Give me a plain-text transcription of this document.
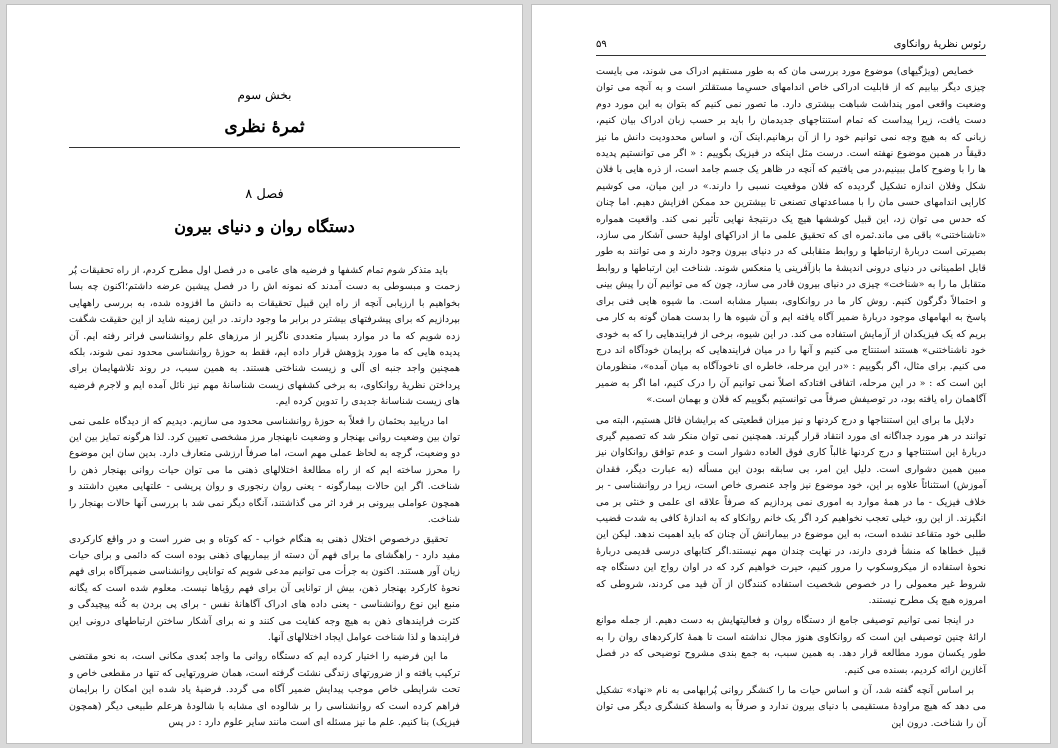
بخش سوم
ثمرهٔ نظری
فصل ۸
دستگاه روان و دنیای بیرون

باید متذکر شوم تمام کشفها و فرضیه های عامی ‌ه در فصل اول مطرح کردم، از راه تحقیقات پُر زحمت و مبسوطی به دست آمدند که نمونه اش را در فصل پیشین عرضه داشتم؛اکنون چه بسا بخواهیم با ارزیابی آنچه از راه این قبیل تحقیقات به دانش ما افزوده شده، به بررسی راههایی بپردازیم که برای پیشرفتهای بیشتر در برابر ما وجود دارند. در این زمینه شاید از این حقیقت شگفت زده شویم که ما در موارد بسیار متعددی ناگزیر از مرزهای علم روانشناسی فراتر رفته ایم. آن پدیده هایی که ما مورد پژوهش قرار داده ایم، فقط به حوزهٔ روانشناسی محدود نمی شوند، بلکه همچنین واجد جنبه ای آلی و زیست شناختی هستند. به همین سبب، در روند تلاشهایمان برای پرداختن نظریهٔ روانکاوی، به برخی کشفهای زیست شناسانهٔ مهم نیز نائل آمده ایم و لاجرم فرضیه های زیست شناسانهٔ جدیدی را تدوین کرده ایم.

اما دریابید بحثمان را فعلاً به حوزهٔ روانشناسی محدود می سازیم. دیدیم که از دیدگاه علمی نمی توان بین وضعیت روانی بهنجار و وضعیت نابهنجار مرز مشخصی تعیین کرد. لذا هرگونه تمایز بین این دو وضعیت، گرچه به لحاظ عملی مهم است، اما صرفاً ارزشی متعارف دارد. بدین سان این موضوع را محرز ساخته ایم که از راه مطالعهٔ اختلالهای ذهنی ما می توان حیات روانی بهنجار ذهن را شناخت. اگر این حالات بیمارگونه - یعنی روان رنجوری و روان پریشی - علتهایی معین داشتند و همچون عواملی بیرونی بر فرد اثر می گذاشتند، آنگاه دیگر نمی شد با بررسی آنها حالات بهنجار را شناخت.

تحقیق درخصوص اختلال ذهنی به هنگام خواب - که کوتاه و بی ضرر است و در واقع کارکردی مفید دارد - راهگشای ما برای فهم آن دسته از بیماریهای ذهنی بوده است که دائمی و برای حیات زیان آور هستند. اکنون به جرأت می توانیم مدعی شویم که توانایی روانشناسی ضمیرآگاه برای فهم نحوهٔ کارکرد بهنجار ذهن، بیش از توانایی آن برای فهم رؤیاها نیست. معلوم شده است که یگانه منبع این نوع روانشناسی - یعنی داده های ادراک آگاهانهٔ نفس - برای پی بردن به کُنه پیچیدگی و کثرت فرایندهای ذهن به هیچ وجه کفایت می کنند و نه برای آشکار ساختن ارتباطهای درونی این فرایندها و لذا شناخت عوامل ایجاد اختلالهای آنها.

ما این فرضیه را اختیار کرده ایم که دستگاه روانی ما واجد بُعدی مکانی است، به نحو مقتضی ترکیب یافته و از ضرورتهای زندگی نشئت گرفته است، همان ضرورتهایی که تنها در مقطعی خاص و تحت شرایطی خاص موجب پیدایش ضمیر آگاه می گردد. فرضیهٔ یاد شده این امکان را برایمان فراهم کرده است که روانشناسی را بر شالوده ای مشابه با شالودهٔ هرعلم طبیعی دیگر (همچون فیزیک) بنا کنیم. علم ما نیز مسئله ای است مانند سایر علوم دارد : در پس

رئوس نظریهٔ روانکاوی
۵۹

خصایص (ویژگیهای) موضوع مورد بررسی مان که به طور مستقیم ادراک می شوند، می بایست چیزی دیگر بیابیم که از قابلیت ادراکی خاص اندامهای حسیِ‌ما مستقلتر است و به آنچه می توان وضعیت واقعی امور پنداشت شباهت بیشتری دارد. ما تصور نمی کنیم که بتوان به این مورد دوم دست یافت، زیرا پیداست که تمام استنتاجهای جدیدمان را باید بر حسب زبان ادراک بیان کنیم، زبانی که به هیچ وجه نمی توانیم خود را از آن برهانیم.اینک آن، و اساس محدودیت دانش ما نیز دقیقاً در همین موضوع نهفته است. درست مثل اینکه در فیزیک بگوییم : « اگر می توانستیم پدیده ها را با وضوح کامل ببینیم،در می یافتیم که آنچه در ظاهر یک جسم جامد است، از ذره هایی با فلان شکل وفلان اندازه تشکیل گردیده که فلان موقعیت نسبی را دارند.» در این میان، می کوشیم کارایی اندامهای حسی مان را با مساعدتهای تصنعی تا بیشترین حد ممکن افزایش دهیم. اما چنان که حدس می توان زد، این قبیل کوششها هیچ یک درنتیجهٔ نهایی تأثیر نمی کند. واقعیت همواره «ناشناختنی» باقی می ماند.ثمره ای که تحقیق علمی ما از ادراکهای اولیهٔ حسی آشکار می سازد، بصیرتی است دربارهٔ ارتباطها و روابط متقابلی که در دنیای بیرون وجود دارند و می توانند به طور قابل اطمینانی در دنیای درونی اندیشهٔ ما بازآفرینی یا منعکس شوند. شناخت این ارتباطها و روابط متقابل ما را به «شناخت» چیزی در دنیای بیرون قادر می سازد، چون که می توانیم آن را پیش بینی و احتمالاً دگرگون کنیم. روش کار ما در روانکاوی، بسیار مشابه است. ما شیوه هایی فنی برای پاسخ به ابهامهای موجود دربارهٔ ضمیر آگاه یافته ایم و آن شیوه ها را بدست همان گونه به کار می بریم که یک فیزیکدان از آزمایش استفاده می کند. در این شیوه، برخی از فرایندهایی را که به خودی خود ناشناختنی» هستند استنتاج می کنیم و آنها را در میان فرایندهایی که برایمان خودآگاه اند درج می کنیم. برای مثال، اگر بگوییم : «در این مرحله، خاطره ای ناخودآگاه به میان آمده»، منظورمان این است که : « در این مرحله، اتفاقی افتادکه اصلاً نمی توانیم آن را درک کنیم، اما اگر به ضمیر آگاهمان راه یافته بود، در توصیفش صرفاً می توانستیم بگوییم که فلان و بهمان است.»

دلایل ما برای این استنتاجها و درج کردنها و نیز میزان قطعیتی که برایشان قائل هستیم، البته می توانند در هر مورد جداگانه ای مورد انتقاد قرار گیرند. همچنین نمی توان منکر شد که تصمیم گیری دربارهٔ این استنتاجها و درج کردنها غالباً کاری فوق العاده دشوار است و عدم توافق روانکاوان نیز مبین همین دشواری است. دلیل این امر، بی سابقه بودن این مسأله (به عبارت دیگر، فقدان آموزش) استثنائاً علاوه بر این، خود موضوع نیز واجد عنصری خاص است، زیرا در روانشناسی - بر خلاف فیزیک - ما در همهٔ موارد به اموری نمی پردازیم که صرفاً علاقه ای علمی و خنثی بر می انگیزند. از این رو، خیلی تعجب نخواهیم کرد اگر یک خانم روانکاو که به اندازهٔ کافی به شدت قضیب طلبی خود متقاعد نشده است، به این موضوع در بیمارانش آن چنان که باید اهمیت ندهد. لیکن این قبیل خطاها که منشأ فردی دارند، در نهایت چندان مهم نیستند.اگر کتابهای درسی قدیمی دربارهٔ نحوهٔ استفاده از میکروسکوپ را مرور کنیم، حیرت خواهیم کرد که در اوان رواج این دستگاه چه شروط غیر معمولی را در خصوص شخصیت استفاده کنندگان از آن قید می کردند، شروطی که امروزه هیچ یک مطرح نیستند.

در اینجا نمی توانیم توصیفی جامع از دستگاه روان و فعالیتهایش به دست دهیم. از جمله موانع ارائهٔ چنین توصیفی این است که روانکاوی هنوز مجال نداشته است تا همهٔ کارکردهای روان را به طور یکسان مورد مطالعه قرار دهد. به همین سبب، به جمع بندی مشروح توضیحی که در فصل آغازین ارائه کردیم، بسنده می کنیم.

بر اساس آنچه گفته شد، آن و اساس حیات ما را کنشگر روانی پُرابهامی به نام «نهاد» تشکیل می دهد که هیچ مراودهٔ مستقیمی با دنیای بیرون ندارد و صرفاً به واسطهٔ کنشگری دیگر می توان آن را شناخت. درون این
